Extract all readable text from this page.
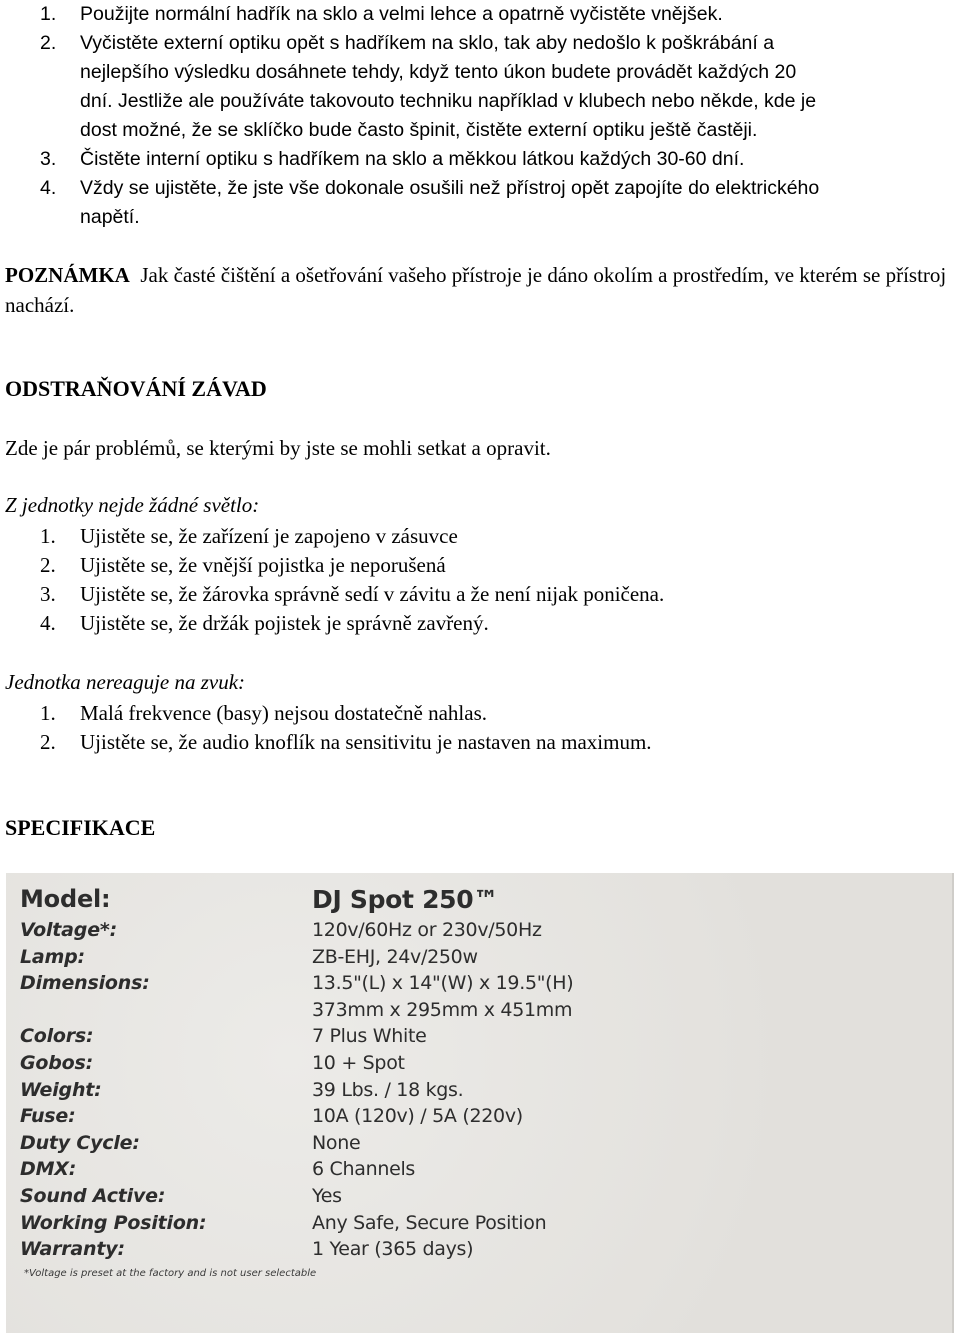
1. Použijte normální hadřík na sklo a velmi lehce a opatrně vyčistěte vnějšek.
2. Vyčistěte externí optiku opět s hadříkem na sklo, tak aby nedošlo k poškrábání a
nejlepšího výsledku dosáhnete tehdy, když tento úkon budete provádět každých 20
dní. Jestliže ale používáte takovouto techniku například v klubech nebo někde, kde je
dost možné, že se sklíčko bude často špinit, čistěte externí optiku ještě častěji.
3. Čistěte interní optiku s hadříkem na sklo a měkkou látkou každých 30-60 dní.
4. Vždy se ujistěte, že jste vše dokonale osušili než přístroj opět zapojíte do elektrického
napětí.

POZNÁMKA Jak časté čištění a ošetřování vašeho přístroje je dáno okolím a prostředím, ve kterém se přístroj nachází.

ODSTRAŇOVÁNÍ ZÁVAD
Zde je pár problémů, se kterými by jste se mohli setkat a opravit.
Z jednotky nejde žádné světlo:
1. Ujistěte se, že zařízení je zapojeno v zásuvce
2. Ujistěte se, že vnější pojistka je neporušená
3. Ujistěte se, že žárovka správně sedí v závitu a že není nijak poničena.
4. Ujistěte se, že držák pojistek je správně zavřený.
Jednotka nereaguje na zvuk:
1. Malá frekvence (basy) nejsou dostatečně nahlas.
2. Ujistěte se, že audio knoflík na sensitivitu je nastaven na maximum.
SPECIFIKACE
Model:	DJ Spot 250™
Voltage*:	120v/60Hz or 230v/50Hz
Lamp:	ZB-EHJ, 24v/250w
Dimensions:	13.5"(L) x 14"(W) x 19.5"(H)
373mm x 295mm x 451mm
Colors:	7 Plus White
Gobos:	10 + Spot
Weight:	39 Lbs. / 18 kgs.
Fuse:	10A (120v) / 5A (220v)
Duty Cycle:	None
DMX:	6 Channels
Sound Active:	Yes
Working Position:	Any Safe, Secure Position
Warranty:	1 Year (365 days)
*Voltage is preset at the factory and is not user selectable
